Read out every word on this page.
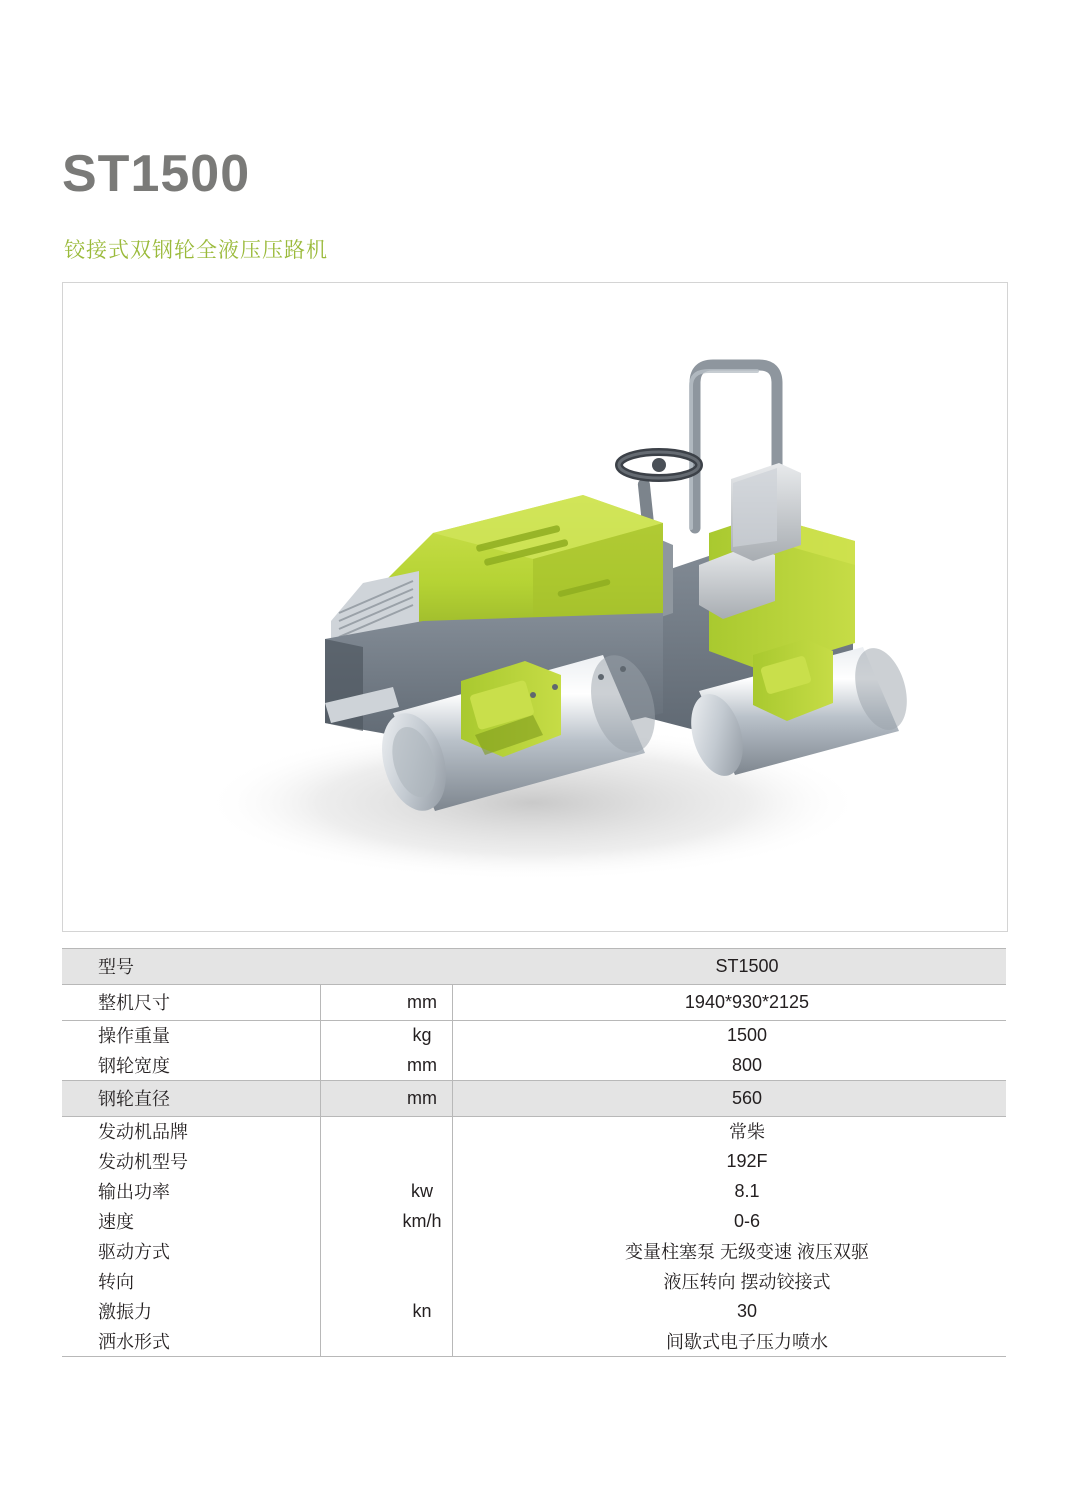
ST1500
铰接式双钢轮全液压压路机
型号		ST1500
整机尺寸	mm	1940*930*2125
操作重量	kg	1500
钢轮宽度	mm	800
钢轮直径	mm	560
发动机品牌		常柴
发动机型号		192F
输出功率	kw	8.1
速度	km/h	0-6
驱动方式		变量柱塞泵 无级变速 液压双驱
转向		液压转向 摆动铰接式
激振力	kn	30
洒水形式		间歇式电子压力喷水
